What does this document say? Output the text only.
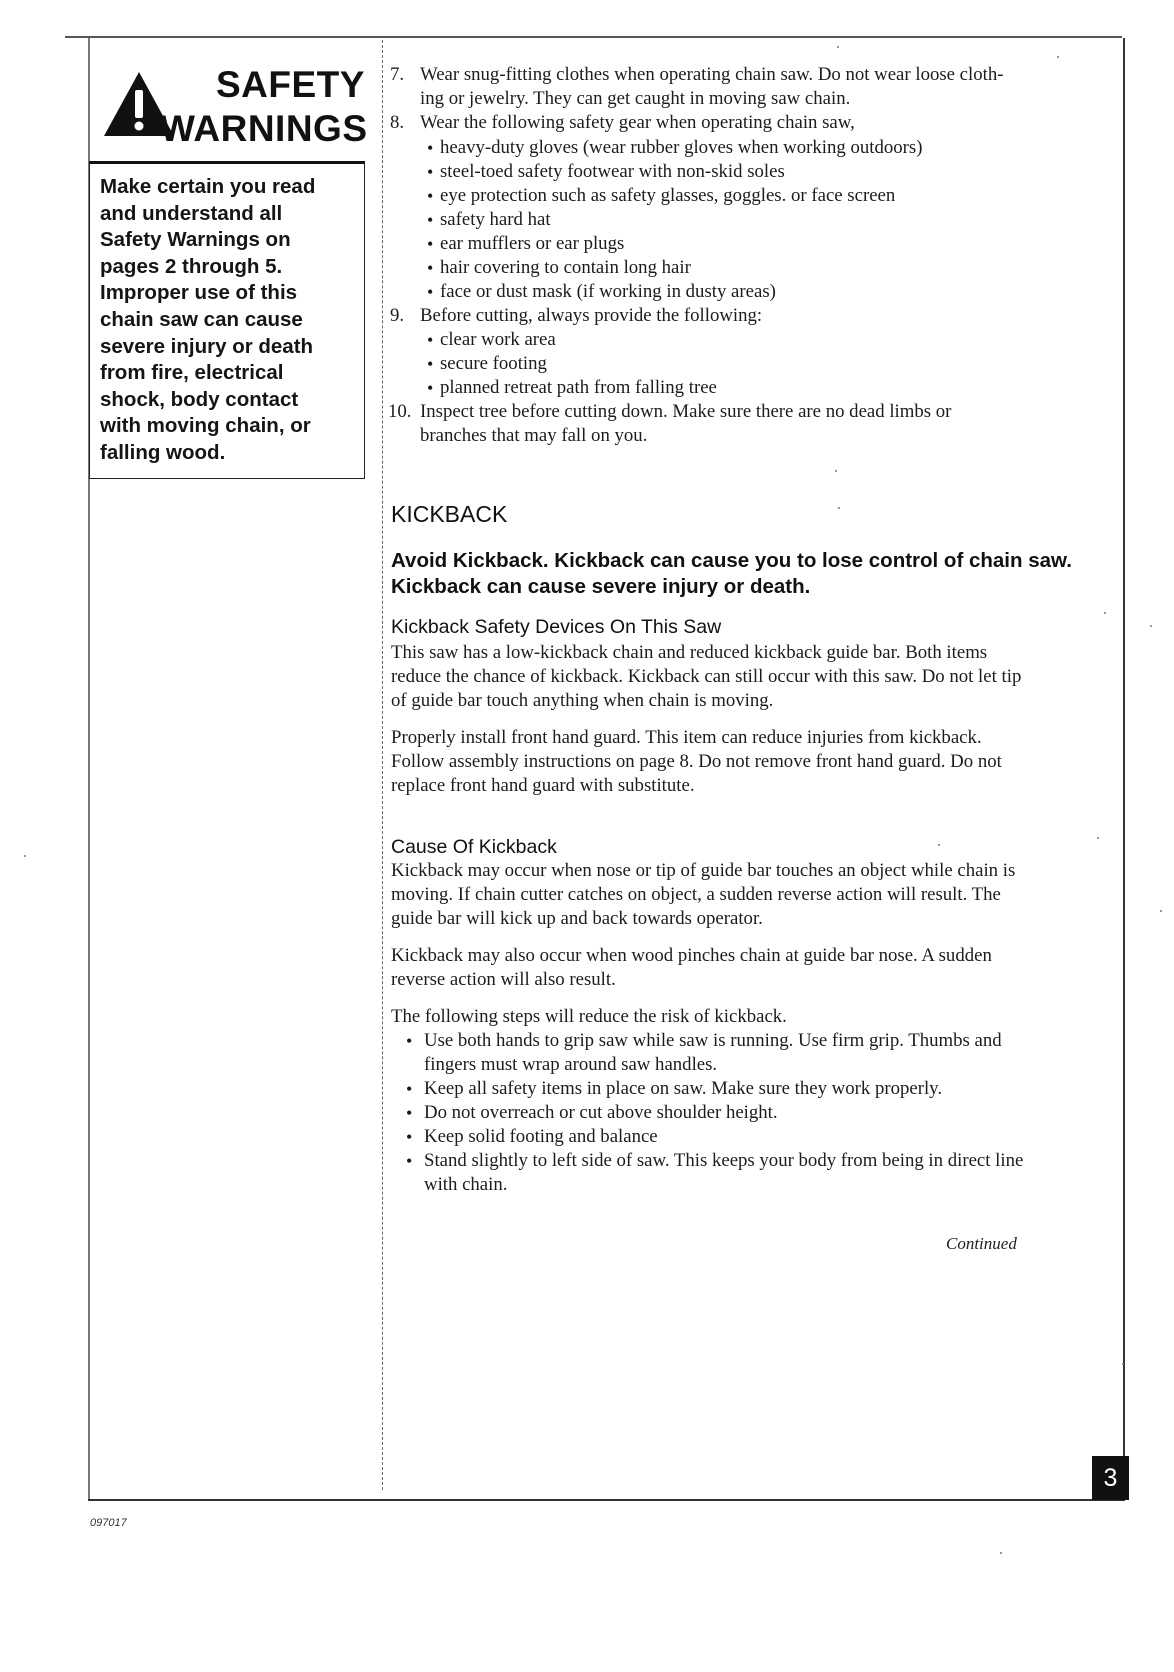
SAFETY
WARNINGS
Make certain you read
and understand all
Safety Warnings on
pages 2 through 5.
Improper use of this
chain saw can cause
severe injury or death
from fire, electrical
shock, body contact
with moving chain, or
falling wood.
7. Wear snug-fitting clothes when operating chain saw. Do not wear loose cloth-
ing or jewelry. They can get caught in moving saw chain.
8. Wear the following safety gear when operating chain saw,
• heavy-duty gloves (wear rubber gloves when working outdoors)
• steel-toed safety footwear with non-skid soles
• eye protection such as safety glasses, goggles. or face screen
• safety hard hat
• ear mufflers or ear plugs
• hair covering to contain long hair
• face or dust mask (if working in dusty areas)
9. Before cutting, always provide the following:
• clear work area
• secure footing
• planned retreat path from falling tree
10. Inspect tree before cutting down. Make sure there are no dead limbs or
branches that may fall on you.
KICKBACK
Avoid Kickback. Kickback can cause you to lose control of chain saw.
Kickback can cause severe injury or death.
Kickback Safety Devices On This Saw
This saw has a low-kickback chain and reduced kickback guide bar. Both items
reduce the chance of kickback. Kickback can still occur with this saw. Do not let tip
of guide bar touch anything when chain is moving.
Properly install front hand guard. This item can reduce injuries from kickback.
Follow assembly instructions on page 8. Do not remove front hand guard. Do not
replace front hand guard with substitute.
Cause Of Kickback
Kickback may occur when nose or tip of guide bar touches an object while chain is
moving. If chain cutter catches on object, a sudden reverse action will result. The
guide bar will kick up and back towards operator.
Kickback may also occur when wood pinches chain at guide bar nose. A sudden
reverse action will also result.
The following steps will reduce the risk of kickback.
• Use both hands to grip saw while saw is running. Use firm grip. Thumbs and
fingers must wrap around saw handles.
• Keep all safety items in place on saw. Make sure they work properly.
• Do not overreach or cut above shoulder height.
• Keep solid footing and balance
• Stand slightly to left side of saw. This keeps your body from being in direct line
with chain.
Continued
3
097017
